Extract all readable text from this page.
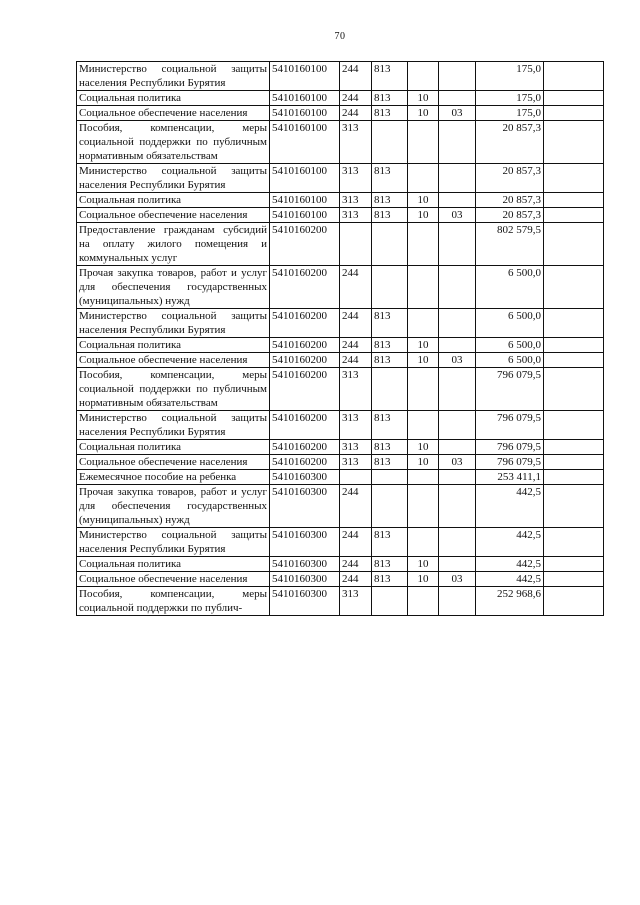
70
Министерство социальной защиты населения Республики Бурятия	5410160100	244	813			175,0	
Социальная политика	5410160100	244	813	10		175,0	
Социальное обеспечение населения	5410160100	244	813	10	03	175,0	
Пособия, компенсации, меры социальной поддержки по публичным нормативным обязательствам	5410160100	313				20 857,3	
Министерство социальной защиты населения Республики Бурятия	5410160100	313	813			20 857,3	
Социальная политика	5410160100	313	813	10		20 857,3	
Социальное обеспечение населения	5410160100	313	813	10	03	20 857,3	
Предоставление гражданам субсидий на оплату жилого помещения и коммунальных услуг	5410160200					802 579,5	
Прочая закупка товаров, работ и услуг для обеспечения государственных (муниципальных) нужд	5410160200	244				6 500,0	
Министерство социальной защиты населения Республики Бурятия	5410160200	244	813			6 500,0	
Социальная политика	5410160200	244	813	10		6 500,0	
Социальное обеспечение населения	5410160200	244	813	10	03	6 500,0	
Пособия, компенсации, меры социальной поддержки по публичным нормативным обязательствам	5410160200	313				796 079,5	
Министерство социальной защиты населения Республики Бурятия	5410160200	313	813			796 079,5	
Социальная политика	5410160200	313	813	10		796 079,5	
Социальное обеспечение населения	5410160200	313	813	10	03	796 079,5	
Ежемесячное пособие на ребенка	5410160300					253 411,1	
Прочая закупка товаров, работ и услуг для обеспечения государственных (муниципальных) нужд	5410160300	244				442,5	
Министерство социальной защиты населения Республики Бурятия	5410160300	244	813			442,5	
Социальная политика	5410160300	244	813	10		442,5	
Социальное обеспечение населения	5410160300	244	813	10	03	442,5	
Пособия, компенсации, меры социальной поддержки по публич-	5410160300	313				252 968,6	
